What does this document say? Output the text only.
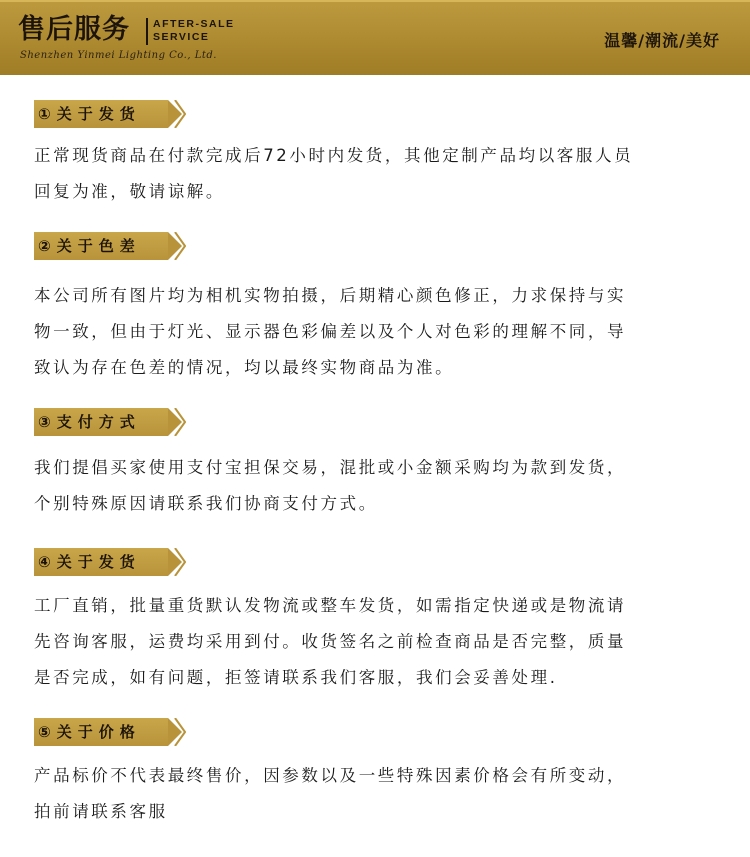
售后服务 AFTER-SALE
SERVICE
Shenzhen Yinmei Lighting Co., Ltd.
温馨/潮流/美好
①关于发货

正常现货商品在付款完成后72小时内发货，其他定制产品均以客服人员

回复为准，敬请谅解。

②关于色差

本公司所有图片均为相机实物拍摄，后期精心颜色修正，力求保持与实

物一致，但由于灯光、显示器色彩偏差以及个人对色彩的理解不同，导

致认为存在色差的情况，均以最终实物商品为准。

③支付方式

我们提倡买家使用支付宝担保交易，混批或小金额采购均为款到发货，

个别特殊原因请联系我们协商支付方式。

④关于发货

工厂直销，批量重货默认发物流或整车发货，如需指定快递或是物流请

先咨询客服，运费均采用到付。收货签名之前检查商品是否完整，质量

是否完成，如有问题，拒签请联系我们客服，我们会妥善处理.

⑤关于价格

产品标价不代表最终售价，因参数以及一些特殊因素价格会有所变动，

拍前请联系客服
